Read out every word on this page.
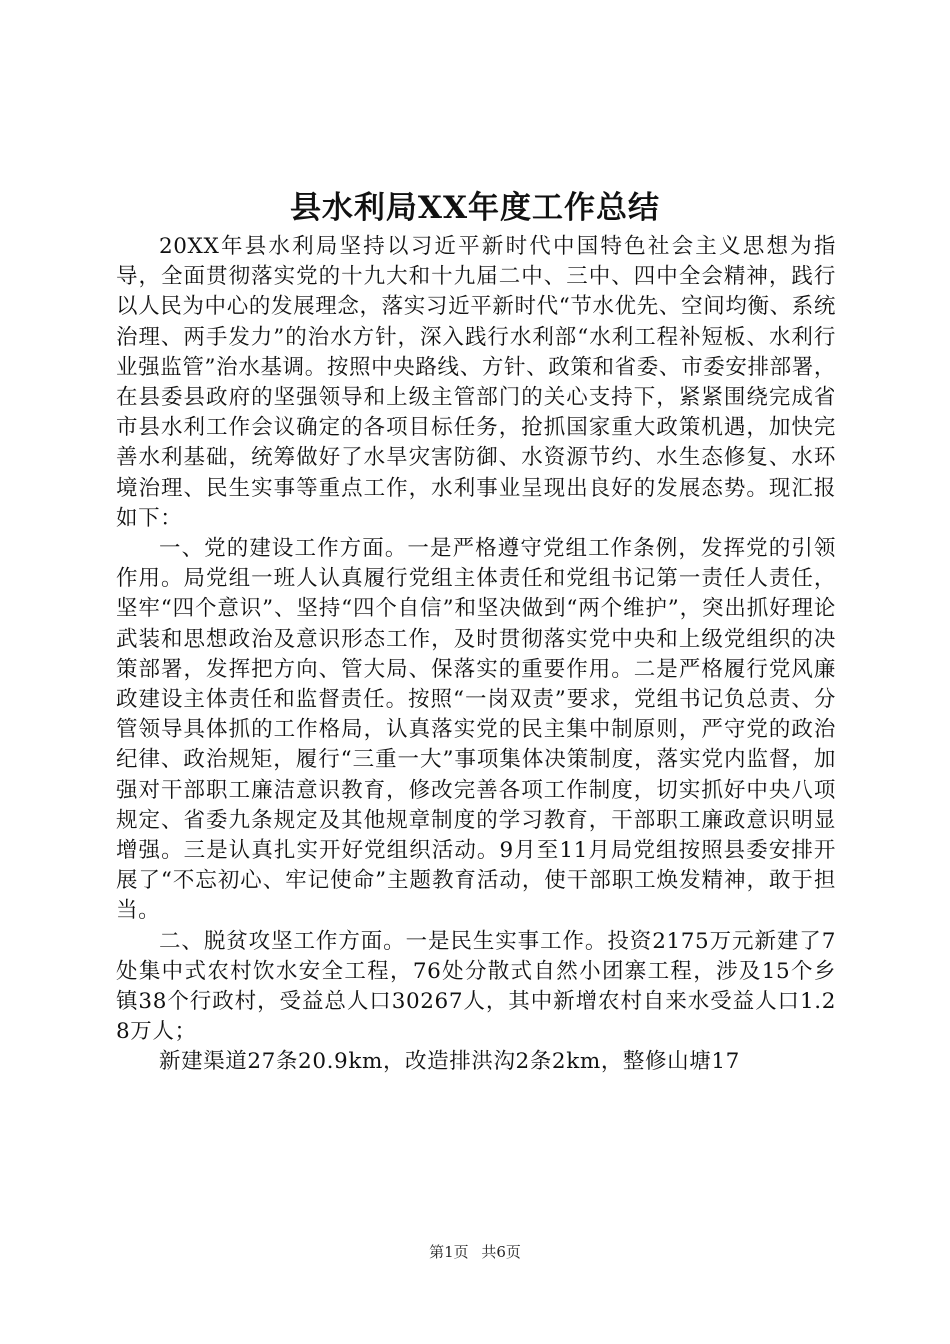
县水利局XX年度工作总结

20XX年县水利局坚持以习近平新时代中国特色社会主义思想为指导，全面贯彻落实党的十九大和十九届二中、三中、四中全会精神，践行以人民为中心的发展理念，落实习近平新时代“节水优先、空间均衡、系统治理、两手发力”的治水方针，深入践行水利部“水利工程补短板、水利行业强监管”治水基调。按照中央路线、方针、政策和省委、市委安排部署，在县委县政府的坚强领导和上级主管部门的关心支持下，紧紧围绕完成省市县水利工作会议确定的各项目标任务，抢抓国家重大政策机遇，加快完善水利基础，统筹做好了水旱灾害防御、水资源节约、水生态修复、水环境治理、民生实事等重点工作，水利事业呈现出良好的发展态势。现汇报如下：

一、党的建设工作方面。一是严格遵守党组工作条例，发挥党的引领作用。局党组一班人认真履行党组主体责任和党组书记第一责任人责任，坚牢“四个意识”、坚持“四个自信”和坚决做到“两个维护”，突出抓好理论武装和思想政治及意识形态工作，及时贯彻落实党中央和上级党组织的决策部署，发挥把方向、管大局、保落实的重要作用。二是严格履行党风廉政建设主体责任和监督责任。按照“一岗双责”要求，党组书记负总责、分管领导具体抓的工作格局，认真落实党的民主集中制原则，严守党的政治纪律、政治规矩，履行“三重一大”事项集体决策制度，落实党内监督，加强对干部职工廉洁意识教育，修改完善各项工作制度，切实抓好中央八项规定、省委九条规定及其他规章制度的学习教育，干部职工廉政意识明显增强。三是认真扎实开好党组织活动。9月至11月局党组按照县委安排开展了“不忘初心、牢记使命”主题教育活动，使干部职工焕发精神，敢于担当。

二、脱贫攻坚工作方面。一是民生实事工作。投资2175万元新建了7处集中式农村饮水安全工程，76处分散式自然小团寨工程，涉及15个乡镇38个行政村，受益总人口30267人，其中新增农村自来水受益人口1.28万人；

新建渠道27条20.9km，改造排洪沟2条2km，整修山塘17

第1页 共6页
